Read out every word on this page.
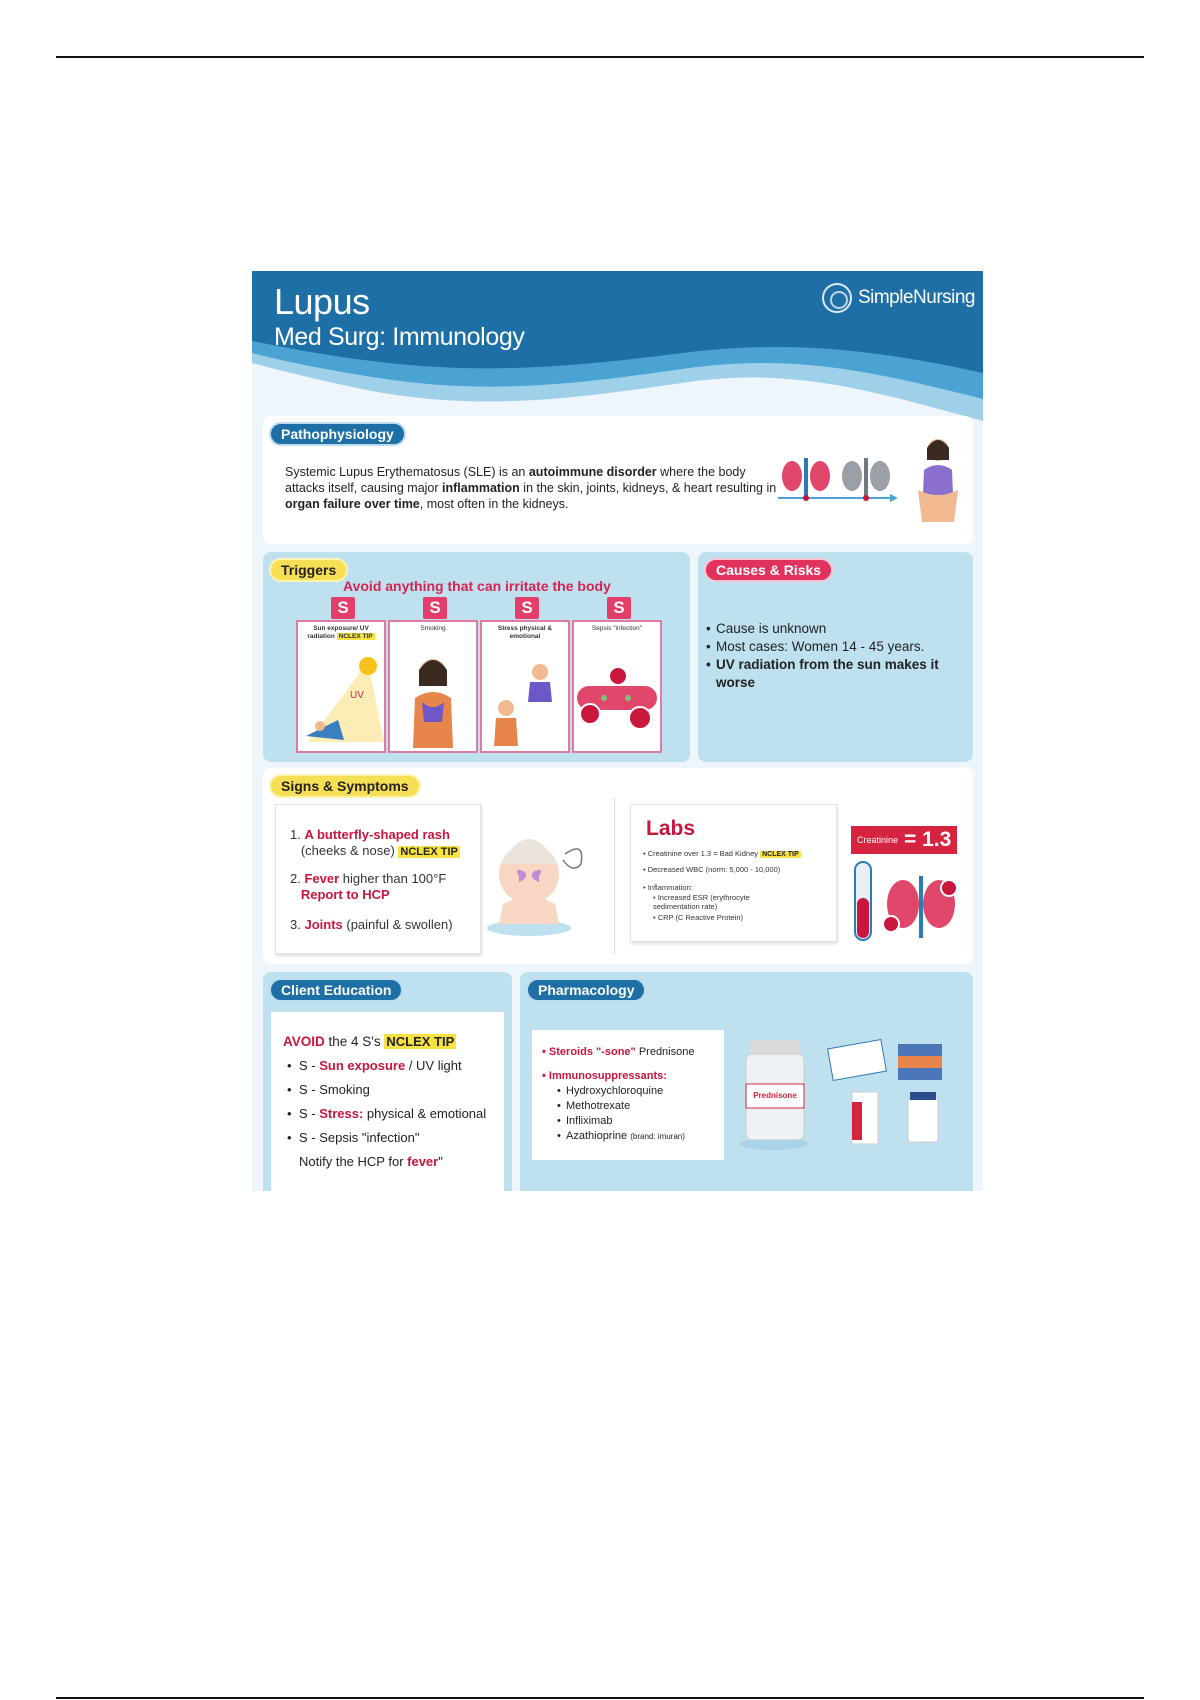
Lupus
Med Surg: Immunology
SimpleNursing
Pathophysiology
Systemic Lupus Erythematosus (SLE) is an autoimmune disorder where the body attacks itself, causing major inflammation in the skin, joints, kidneys, & heart resulting in organ failure over time, most often in the kidneys.
Triggers
Avoid anything that can irritate the body
S	S	S	S
Sun exposure/ UV radiation NCLEX TIP
UV
Smoking	Stress physical & emotional
Sepsis "infection"
Causes & Risks
• Cause is unknown
• Most cases: Women 14 - 45 years.
• UV radiation from the sun makes it worse
Signs & Symptoms
1. A butterfly-shaped rash
(cheeks & nose) NCLEX TIP
2. Fever higher than 100°F
Report to HCP
3. Joints (painful & swollen)
Labs
• Creatinine over 1.3 = Bad Kidney NCLEX TIP
• Decreased WBC (norm: 5,000 - 10,000)
• Inflammation:
• Increased ESR (erythrocyte sedimentation rate)
• CRP (C Reactive Protein)
Creatinine = 1.3
Client Education
AVOID the 4 S's NCLEX TIP
• S - Sun exposure / UV light
• S - Smoking
• S - Stress: physical & emotional
• S - Sepsis "infection"
Notify the HCP for fever"
Pharmacology
• Steroids "-sone" Prednisone
• Immunosuppressants:
• Hydroxychloroquine
• Methotrexate
• Infliximab
• Azathioprine (brand: imuran)
Prednisone
